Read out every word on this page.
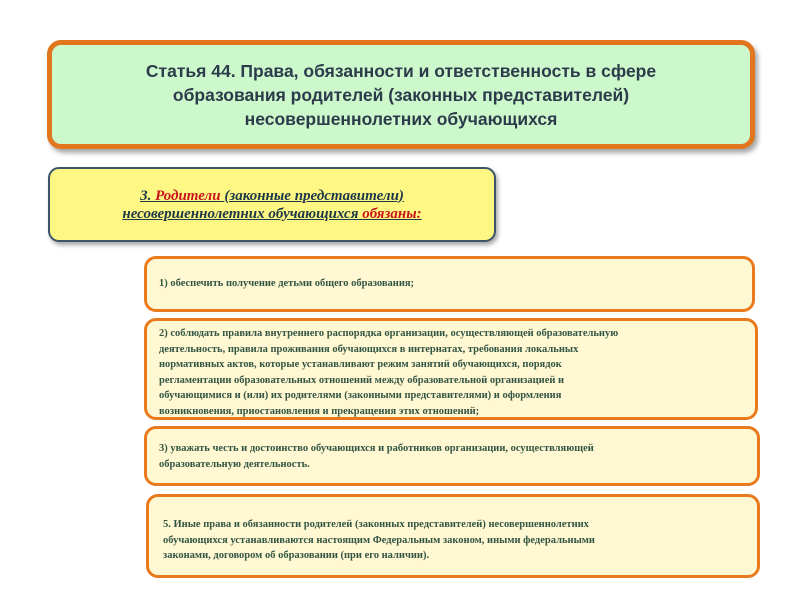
Статья 44. Права, обязанности и ответственность в сфере
образования родителей (законных представителей)
несовершеннолетних обучающихся
3. Родители (законные представители)
несовершеннолетних обучающихся обязаны:

1) обеспечить получение детьми общего образования;

2) соблюдать правила внутреннего распорядка организации, осуществляющей образовательную

деятельность, правила проживания обучающихся в интернатах, требования локальных

нормативных актов, которые устанавливают режим занятий обучающихся, порядок

регламентации образовательных отношений между образовательной организацией и

обучающимися и (или) их родителями (законными представителями) и оформления

возникновения, приостановления и прекращения этих отношений;

3) уважать честь и достоинство обучающихся и работников организации, осуществляющей

образовательную деятельность.

5. Иные права и обязанности родителей (законных представителей) несовершеннолетних

обучающихся устанавливаются настоящим Федеральным законом, иными федеральными

законами, договором об образовании (при его наличии).
